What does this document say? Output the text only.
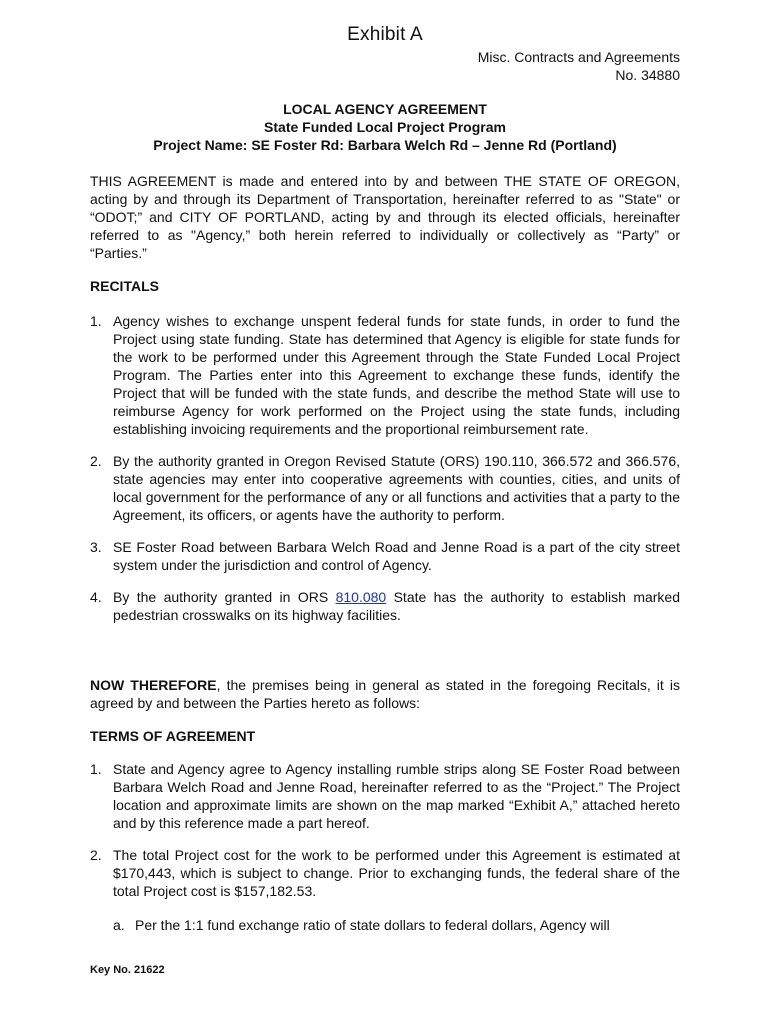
Exhibit A
Misc. Contracts and Agreements
No. 34880
LOCAL AGENCY AGREEMENT
State Funded Local Project Program
Project Name: SE Foster Rd: Barbara Welch Rd – Jenne Rd (Portland)
THIS AGREEMENT is made and entered into by and between THE STATE OF OREGON, acting by and through its Department of Transportation, hereinafter referred to as "State" or “ODOT;” and CITY OF PORTLAND, acting by and through its elected officials, hereinafter referred to as "Agency,” both herein referred to individually or collectively as “Party” or “Parties.”
RECITALS
1. Agency wishes to exchange unspent federal funds for state funds, in order to fund the Project using state funding. State has determined that Agency is eligible for state funds for the work to be performed under this Agreement through the State Funded Local Project Program. The Parties enter into this Agreement to exchange these funds, identify the Project that will be funded with the state funds, and describe the method State will use to reimburse Agency for work performed on the Project using the state funds, including establishing invoicing requirements and the proportional reimbursement rate.
2. By the authority granted in Oregon Revised Statute (ORS) 190.110, 366.572 and 366.576, state agencies may enter into cooperative agreements with counties, cities, and units of local government for the performance of any or all functions and activities that a party to the Agreement, its officers, or agents have the authority to perform.
3. SE Foster Road between Barbara Welch Road and Jenne Road is a part of the city street system under the jurisdiction and control of Agency.
4. By the authority granted in ORS 810.080 State has the authority to establish marked pedestrian crosswalks on its highway facilities.
NOW THEREFORE, the premises being in general as stated in the foregoing Recitals, it is agreed by and between the Parties hereto as follows:
TERMS OF AGREEMENT
1. State and Agency agree to Agency installing rumble strips along SE Foster Road between Barbara Welch Road and Jenne Road, hereinafter referred to as the “Project.” The Project location and approximate limits are shown on the map marked “Exhibit A,” attached hereto and by this reference made a part hereof.
2. The total Project cost for the work to be performed under this Agreement is estimated at $170,443, which is subject to change. Prior to exchanging funds, the federal share of the total Project cost is $157,182.53.
a. Per the 1:1 fund exchange ratio of state dollars to federal dollars, Agency will
Key No. 21622
